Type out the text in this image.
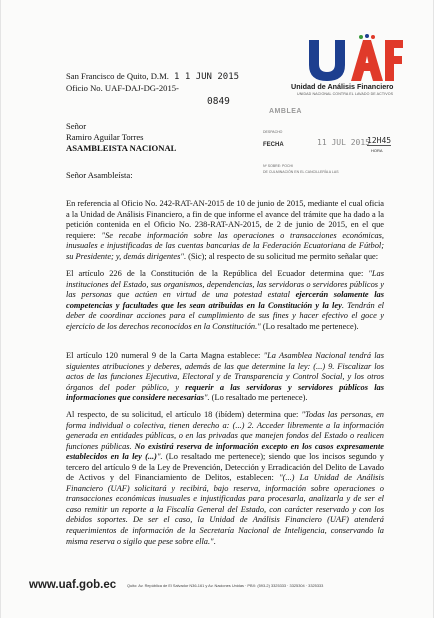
Unidad de Análisis Financiero
UNIDAD NACIONAL CONTRA EL LAVADO DE ACTIVOS
San Francisco de Quito, D.M. 1 1 JUN 2015
Oficio No. UAF-DAJ-DG-2015-
0849
AMBLEA
DESPACHO
FECHA	11 JUL 2015
12H45
HORA
Nº SOBRE: POCHI
DE CULMINACIÓN EN EL CANCILLERÍA A LAS
Señor
Ramiro Aguilar Torres
ASAMBLEISTA NACIONAL
Señor Asambleísta:

En referencia al Oficio No. 242-RAT-AN-2015 de 10 de junio de 2015, mediante el cual oficia a la Unidad de Análisis Financiero, a fin de que informe el avance del trámite que ha dado a la petición contenida en el Oficio No. 238-RAT-AN-2015, de 2 de junio de 2015, en el que requiere: "Se recabe información sobre las operaciones o transacciones económicas, inusuales e injustificadas de las cuentas bancarias de la Federación Ecuatoriana de Fútbol; su Presidente; y, demás dirigentes". (Sic); al respecto de su solicitud me permito señalar que:

El artículo 226 de la Constitución de la República del Ecuador determina que: "Las instituciones del Estado, sus organismos, dependencias, las servidoras o servidores públicos y las personas que actúen en virtud de una potestad estatal ejercerán solamente las competencias y facultades que les sean atribuidas en la Constitución y la ley. Tendrán el deber de coordinar acciones para el cumplimiento de sus fines y hacer efectivo el goce y ejercicio de los derechos reconocidos en la Constitución." (Lo resaltado me pertenece).

El artículo 120 numeral 9 de la Carta Magna establece: "La Asamblea Nacional tendrá las siguientes atribuciones y deberes, además de las que determine la ley: (...) 9. Fiscalizar los actos de las funciones Ejecutiva, Electoral y de Transparencia y Control Social, y los otros órganos del poder público, y requerir a las servidoras y servidores públicos las informaciones que considere necesarias". (Lo resaltado me pertenece).

Al respecto, de su solicitud, el artículo 18 (ibídem) determina que: "Todas las personas, en forma individual o colectiva, tienen derecho a: (...) 2. Acceder libremente a la información generada en entidades públicas, o en las privadas que manejen fondos del Estado o realicen funciones públicas. No existirá reserva de información excepto en los casos expresamente establecidos en la ley (...)". (Lo resaltado me pertenece); siendo que los incisos segundo y tercero del artículo 9 de la Ley de Prevención, Detección y Erradicación del Delito de Lavado de Activos y del Financiamiento de Delitos, establecen: "(...) La Unidad de Análisis Financiero (UAF) solicitará y recibirá, bajo reserva, información sobre operaciones o transacciones económicas inusuales e injustificadas para procesarla, analizarla y de ser el caso remitir un reporte a la Fiscalía General del Estado, con carácter reservado y con los debidos soportes. De ser el caso, la Unidad de Análisis Financiero (UAF) atenderá requerimientos de información de la Secretaría Nacional de Inteligencia, conservando la misma reserva o sigilo que pese sobre ella.".

www.uaf.gob.ec	Quito: Av. República de El Salvador N36-161 y Av. Naciones Unidas · PBX: (593-2) 3325333 · 3325304 · 3325333
